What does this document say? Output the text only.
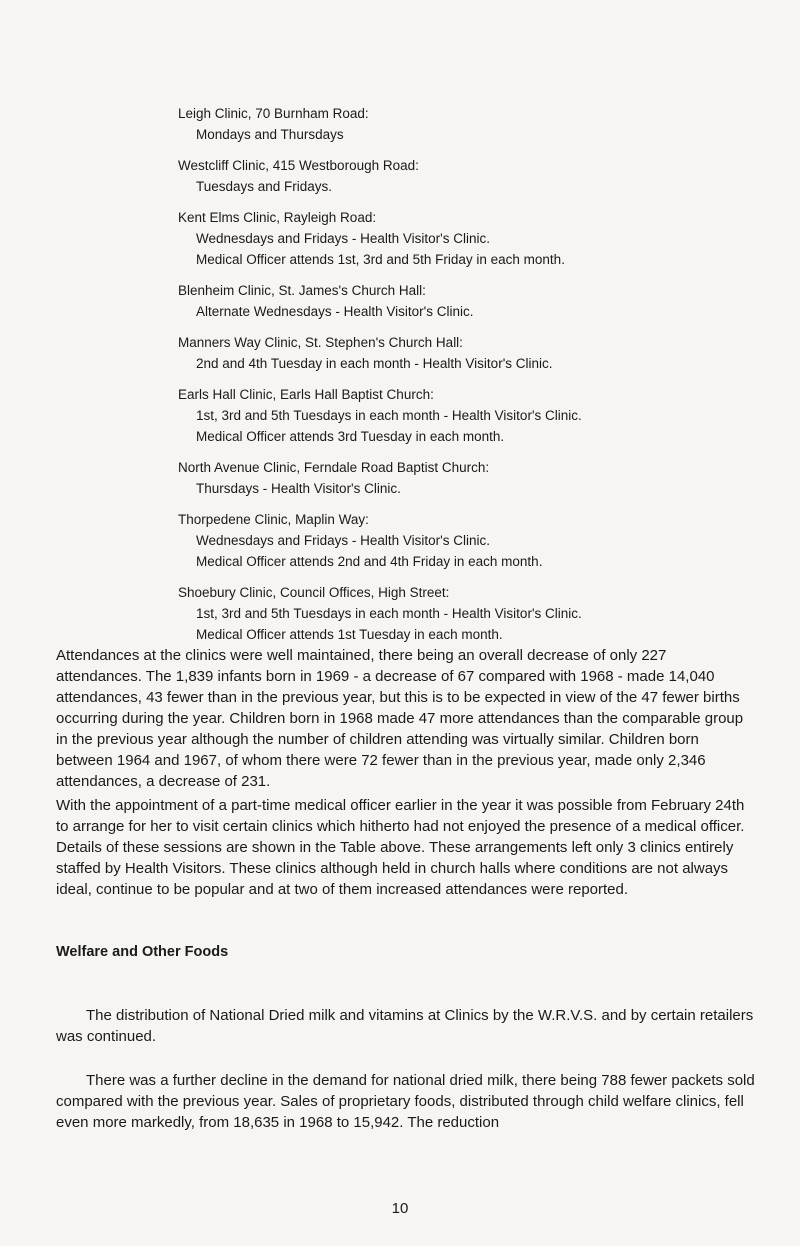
Leigh Clinic, 70 Burnham Road:
Mondays and Thursdays
Westcliff Clinic, 415 Westborough Road:
Tuesdays and Fridays.
Kent Elms Clinic, Rayleigh Road:
Wednesdays and Fridays - Health Visitor's Clinic.
Medical Officer attends 1st, 3rd and 5th Friday in each month.
Blenheim Clinic, St. James's Church Hall:
Alternate Wednesdays - Health Visitor's Clinic.
Manners Way Clinic, St. Stephen's Church Hall:
2nd and 4th Tuesday in each month - Health Visitor's Clinic.
Earls Hall Clinic, Earls Hall Baptist Church:
1st, 3rd and 5th Tuesdays in each month - Health Visitor's Clinic.
Medical Officer attends 3rd Tuesday in each month.
North Avenue Clinic, Ferndale Road Baptist Church:
Thursdays - Health Visitor's Clinic.
Thorpedene Clinic, Maplin Way:
Wednesdays and Fridays - Health Visitor's Clinic.
Medical Officer attends 2nd and 4th Friday in each month.
Shoebury Clinic, Council Offices, High Street:
1st, 3rd and 5th Tuesdays in each month - Health Visitor's Clinic.
Medical Officer attends 1st Tuesday in each month.

Attendances at the clinics were well maintained, there being an overall decrease of only 227 attendances. The 1,839 infants born in 1969 - a decrease of 67 compared with 1968 - made 14,040 attendances, 43 fewer than in the previous year, but this is to be expected in view of the 47 fewer births occurring during the year. Children born in 1968 made 47 more attendances than the comparable group in the previous year although the number of children attending was virtually similar. Children born between 1964 and 1967, of whom there were 72 fewer than in the previous year, made only 2,346 attendances, a decrease of 231.

With the appointment of a part-time medical officer earlier in the year it was possible from February 24th to arrange for her to visit certain clinics which hitherto had not enjoyed the presence of a medical officer. Details of these sessions are shown in the Table above. These arrangements left only 3 clinics entirely staffed by Health Visitors. These clinics although held in church halls where conditions are not always ideal, continue to be popular and at two of them increased attendances were reported.

Welfare and Other Foods

The distribution of National Dried milk and vitamins at Clinics by the W.R.V.S. and by certain retailers was continued.

There was a further decline in the demand for national dried milk, there being 788 fewer packets sold compared with the previous year. Sales of proprietary foods, distributed through child welfare clinics, fell even more markedly, from 18,635 in 1968 to 15,942. The reduction

10
